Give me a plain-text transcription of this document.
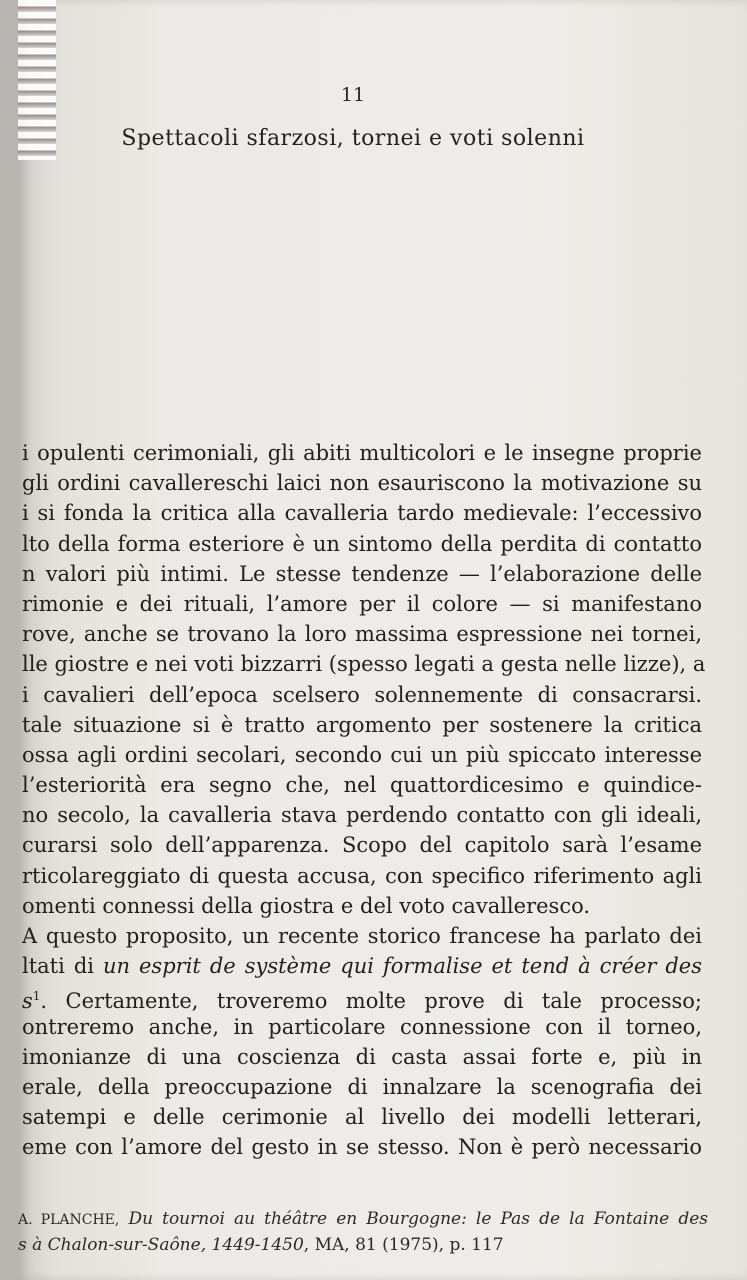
11
Spettacoli sfarzosi, tornei e voti solenni
i opulenti cerimoniali, gli abiti multicolori e le insegne proprie
gli ordini cavallereschi laici non esauriscono la motivazione su
i si fonda la critica alla cavalleria tardo medievale: l’eccessivo
lto della forma esteriore è un sintomo della perdita di contatto
n valori più intimi. Le stesse tendenze — l’elaborazione delle
rimonie e dei rituali, l’amore per il colore — si manifestano
rove, anche se trovano la loro massima espressione nei tornei,
lle giostre e nei voti bizzarri (spesso legati a gesta nelle lizze), a
i cavalieri dell’epoca scelsero solennemente di consacrarsi.
tale situazione si è tratto argomento per sostenere la critica
ossa agli ordini secolari, secondo cui un più spiccato interesse
l’esteriorità era segno che, nel quattordicesimo e quindice-
no secolo, la cavalleria stava perdendo contatto con gli ideali,
curarsi solo dell’apparenza. Scopo del capitolo sarà l’esame
rticolareggiato di questa accusa, con specifico riferimento agli
omenti connessi della giostra e del voto cavalleresco.
A questo proposito, un recente storico francese ha parlato dei
ltati di un esprit de système qui formalise et tend à créer des
$s^1$. Certamente, troveremo molte prove di tale processo;
ontreremo anche, in particolare connessione con il torneo,
imonianze di una coscienza di casta assai forte e, più in
erale, della preoccupazione di innalzare la scenografia dei
satempi e delle cerimonie al livello dei modelli letterari,
eme con l’amore del gesto in se stesso. Non è però necessario
A. PLANCHE, Du tournoi au théâtre en Bourgogne: le Pas de la Fontaine des
s à Chalon-sur-Saône, 1449-1450, MA, 81 (1975), p. 117
